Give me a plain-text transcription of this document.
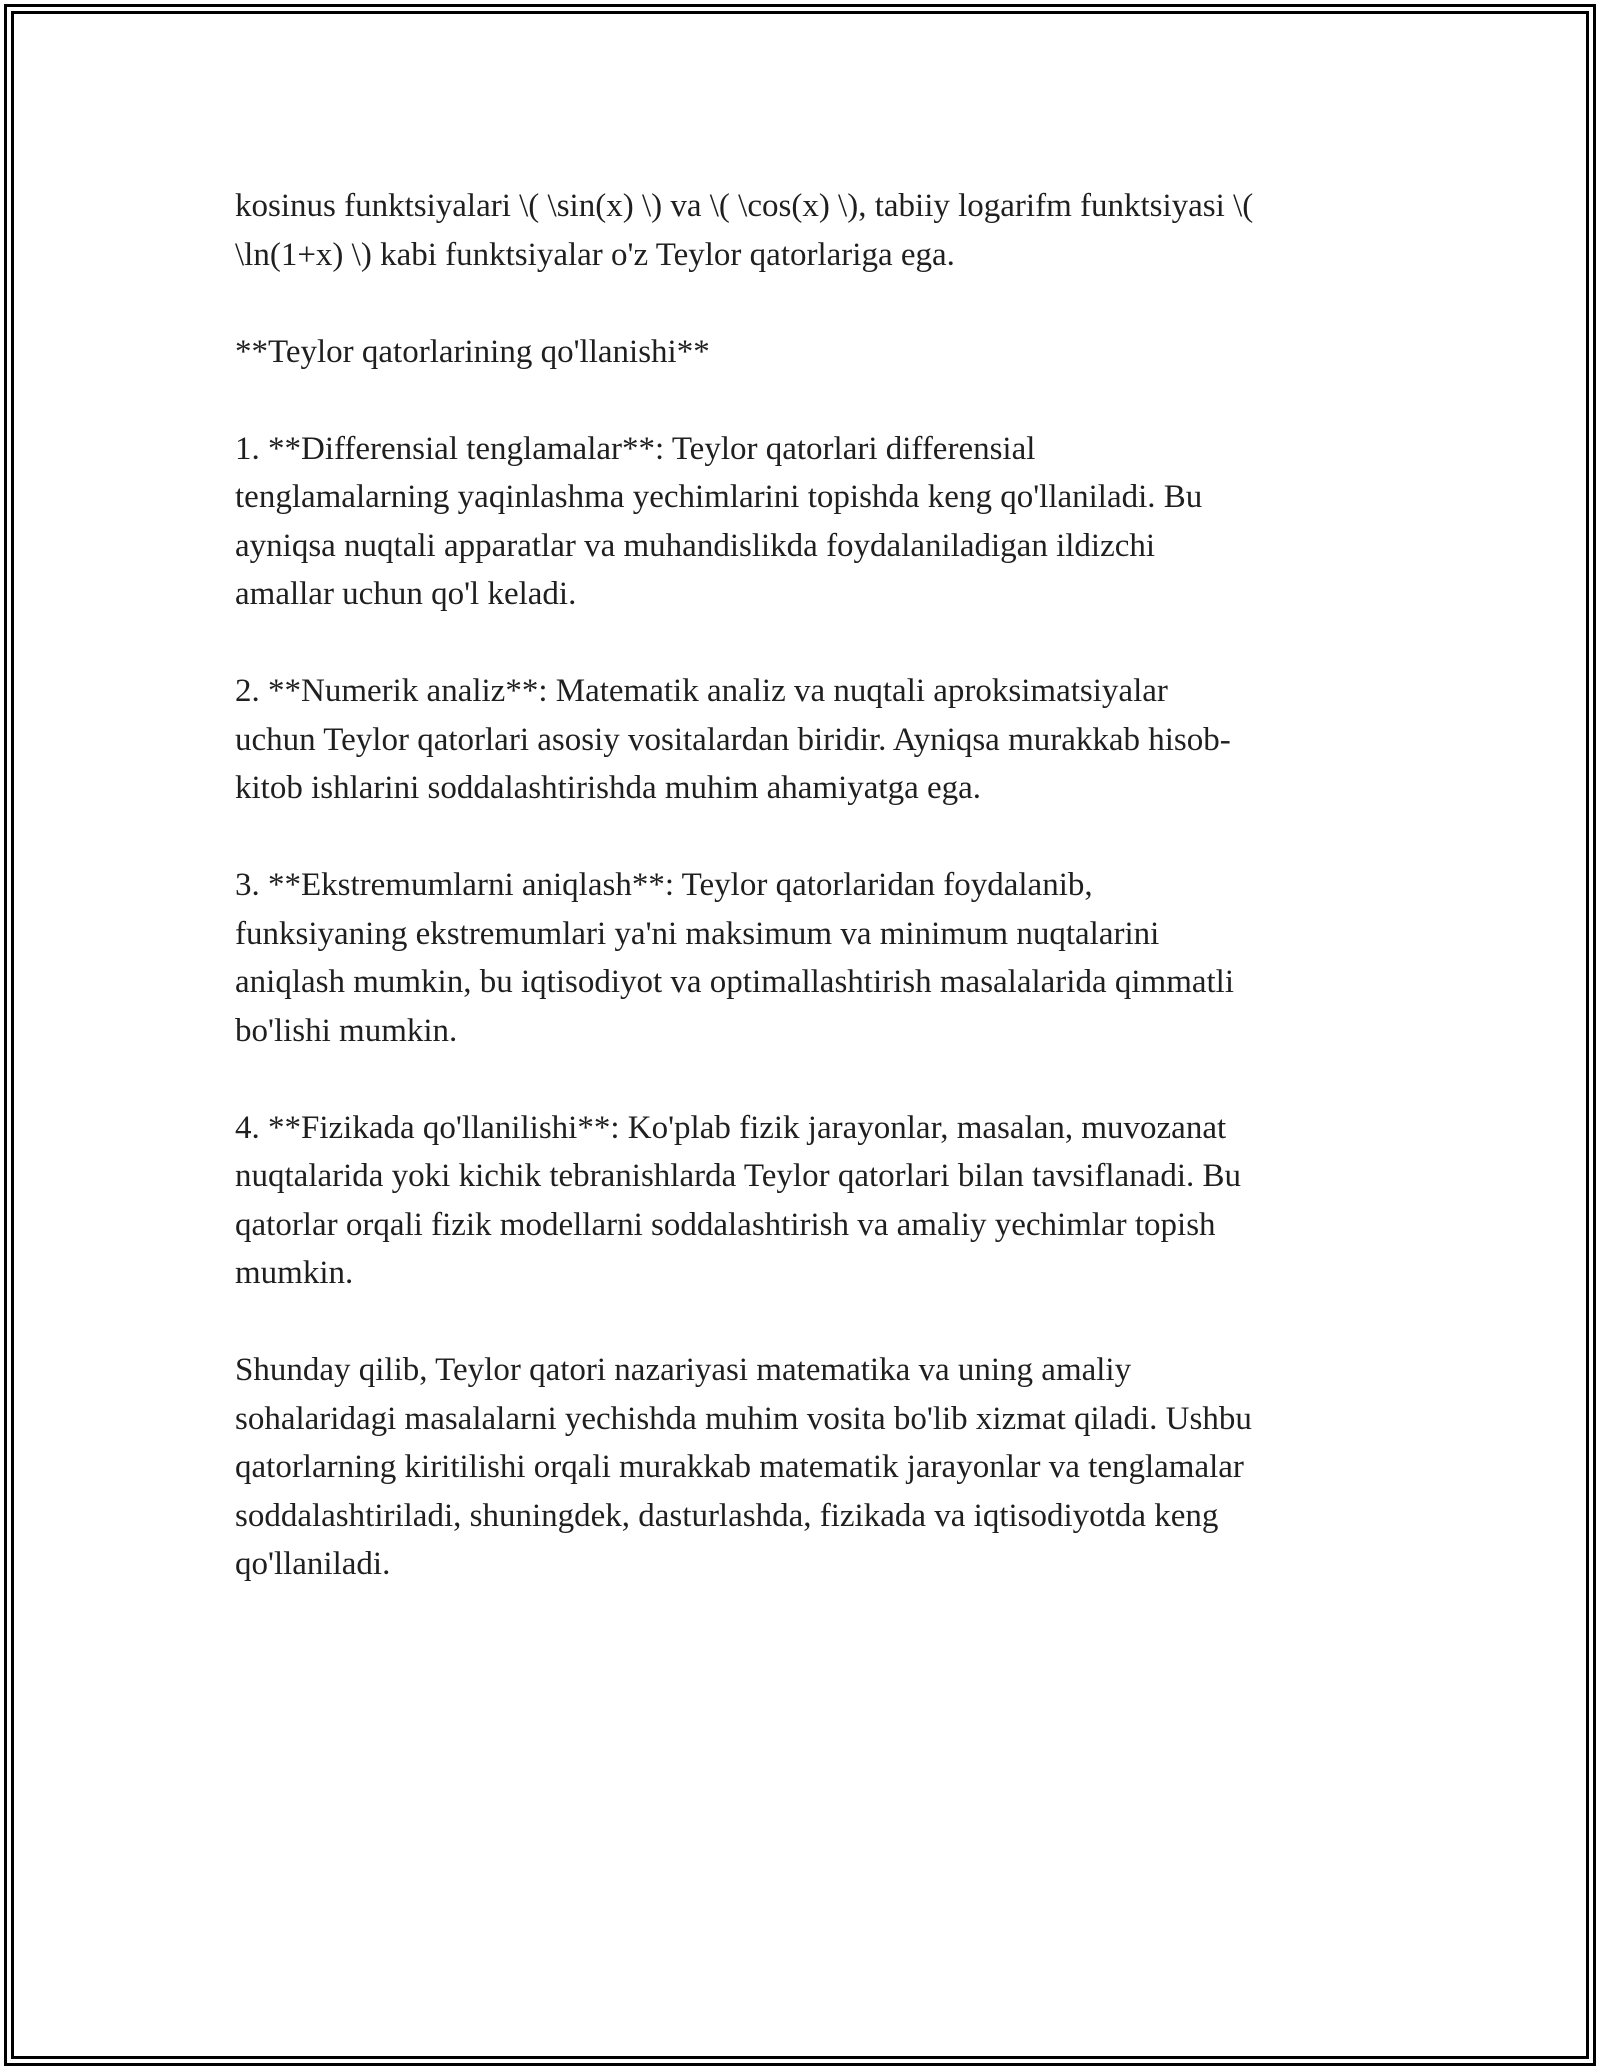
kosinus funktsiyalari \( \sin(x) \) va \( \cos(x) \), tabiiy logarifm funktsiyasi \(
\ln(1+x) \) kabi funktsiyalar o'z Teylor qatorlariga ega.

**Teylor qatorlarining qo'llanishi**

1. **Differensial tenglamalar**: Teylor qatorlari differensial
tenglamalarning yaqinlashma yechimlarini topishda keng qo'llaniladi. Bu
ayniqsa nuqtali apparatlar va muhandislikda foydalaniladigan ildizchi
amallar uchun qo'l keladi.

2. **Numerik analiz**: Matematik analiz va nuqtali aproksimatsiyalar
uchun Teylor qatorlari asosiy vositalardan biridir. Ayniqsa murakkab hisob-
kitob ishlarini soddalashtirishda muhim ahamiyatga ega.

3. **Ekstremumlarni aniqlash**: Teylor qatorlaridan foydalanib,
funksiyaning ekstremumlari ya'ni maksimum va minimum nuqtalarini
aniqlash mumkin, bu iqtisodiyot va optimallashtirish masalalarida qimmatli
bo'lishi mumkin.

4. **Fizikada qo'llanilishi**: Ko'plab fizik jarayonlar, masalan, muvozanat
nuqtalarida yoki kichik tebranishlarda Teylor qatorlari bilan tavsiflanadi. Bu
qatorlar orqali fizik modellarni soddalashtirish va amaliy yechimlar topish
mumkin.

Shunday qilib, Teylor qatori nazariyasi matematika va uning amaliy
sohalaridagi masalalarni yechishda muhim vosita bo'lib xizmat qiladi. Ushbu
qatorlarning kiritilishi orqali murakkab matematik jarayonlar va tenglamalar
soddalashtiriladi, shuningdek, dasturlashda, fizikada va iqtisodiyotda keng
qo'llaniladi.
